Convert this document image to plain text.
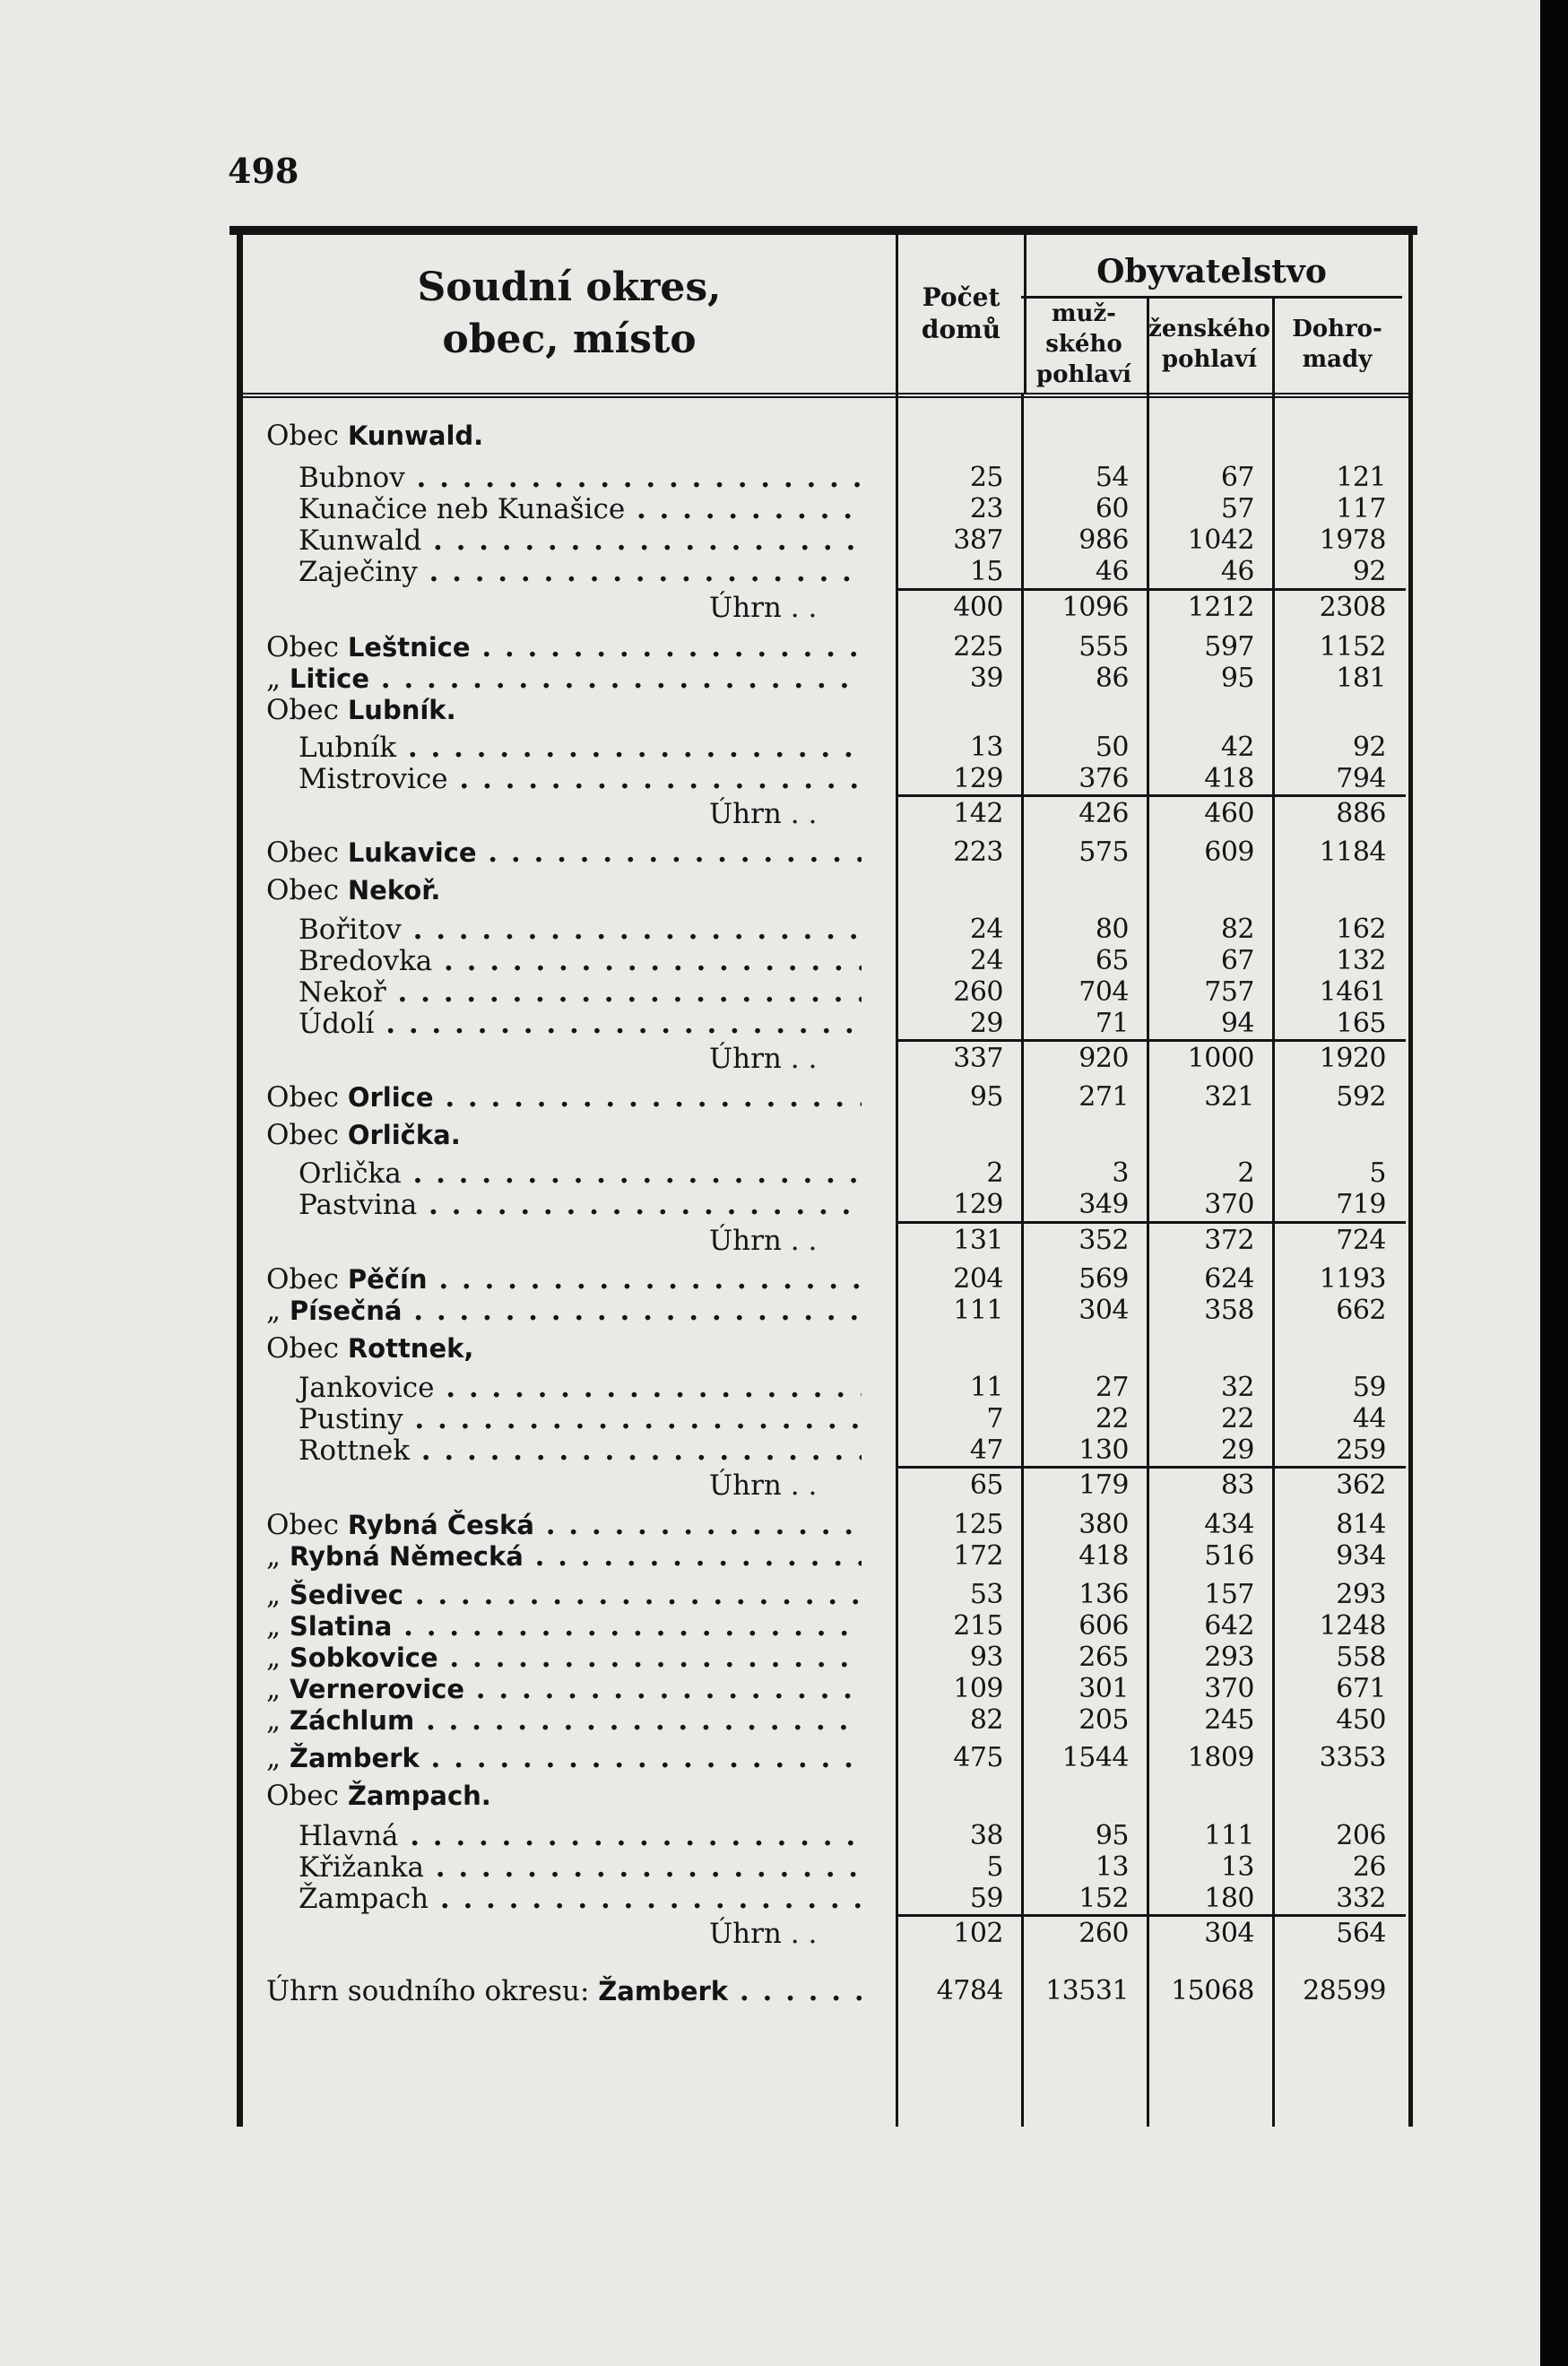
498
Soudní okres,
obec, místo
Počet
domů
Obyvatelstvo
muž-
ského
pohlaví
ženského
pohlaví
Dohro-
mady
Obec Kunwald.
Bubnov . . .	25	54	67	121
Kunačice neb Kunašice . . .	23	60	57	117
Kunwald . . .	387	986	1042	1978
Zaječiny . . .	15	46	46	92
Úhrn . .	400	1096	1212	2308
Obec Leštnice . . .	225	555	597	1152
„ Litice . . .	39	86	95	181
Obec Lubník.
Lubník . . .	13	50	42	92
Mistrovice . . .	129	376	418	794
Úhrn . .	142	426	460	886
Obec Lukavice . . .	223	575	609	1184
Obec Nekoř.
Bořitov . . .	24	80	82	162
Bredovka . . .	24	65	67	132
Nekoř . . .	260	704	757	1461
Údolí . . .	29	71	94	165
Úhrn . .	337	920	1000	1920
Obec Orlice . . .	95	271	321	592
Obec Orlička.
Orlička . . .	2	3	2	5
Pastvina . . .	129	349	370	719
Úhrn . .	131	352	372	724
Obec Pěčín . . .	204	569	624	1193
„ Písečná . . .	111	304	358	662
Obec Rottnek,
Jankovice . . .	11	27	32	59
Pustiny . . .	7	22	22	44
Rottnek . . .	47	130	29	259
Úhrn . .	65	179	83	362
Obec Rybná Česká . . .	125	380	434	814
„ Rybná Německá . . .	172	418	516	934
„ Šedivec . . .	53	136	157	293
„ Slatina . . .	215	606	642	1248
„ Sobkovice . . .	93	265	293	558
„ Vernerovice . . .	109	301	370	671
„ Záchlum . . .	82	205	245	450
„ Žamberk . . .	475	1544	1809	3353
Obec Žampach.
Hlavná . . .	38	95	111	206
Křižanka . . .	5	13	13	26
Žampach . . .	59	152	180	332
Úhrn . .	102	260	304	564
Úhrn soudního okresu: Žamberk . . .	4784	13531	15068	28599
